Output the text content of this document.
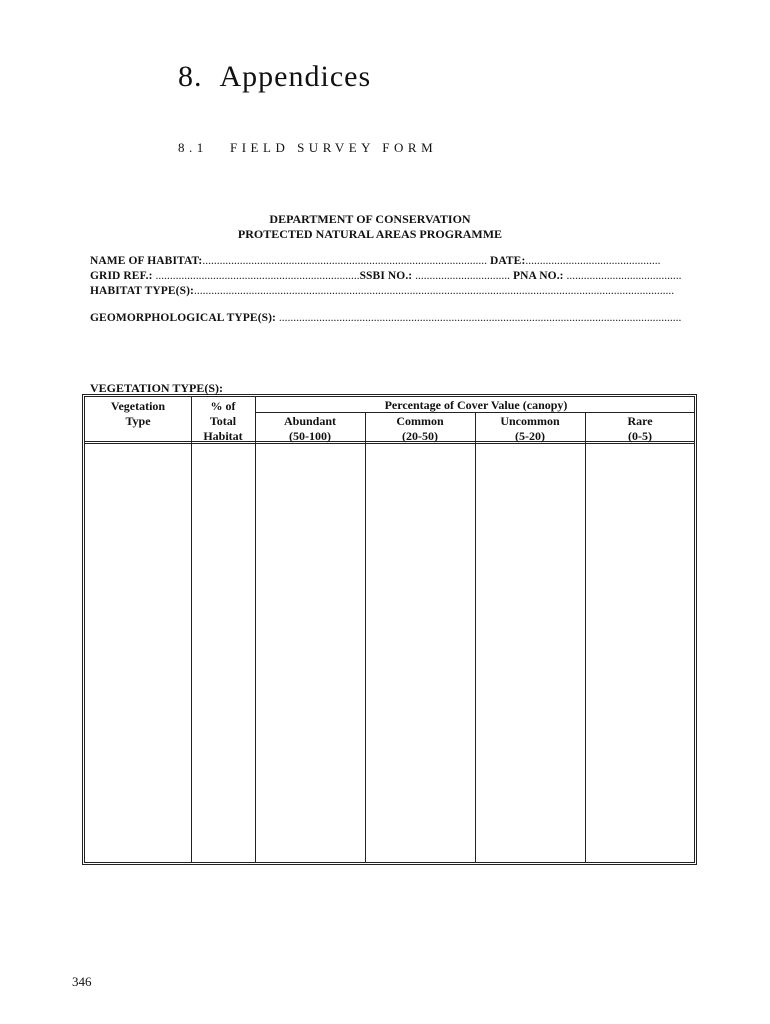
8. Appendices
8.1 FIELD SURVEY FORM
DEPARTMENT OF CONSERVATION
PROTECTED NATURAL AREAS PROGRAMME
NAME OF HABITAT:................................................................................................... DATE:...............................................
GRID REF.: .......................................................................SSBI NO.: ................................. PNA NO.: ........................................
HABITAT TYPE(S):.......................................................................................................................................................................
GEOMORPHOLOGICAL TYPE(S): ............................................................................................................................................
VEGETATION TYPE(S):
Vegetation
Type
% of
Total
Habitat
Percentage of Cover Value (canopy)
Abundant
(50-100)
Common
(20-50)
Uncommon
(5-20)
Rare
(0-5)
346
